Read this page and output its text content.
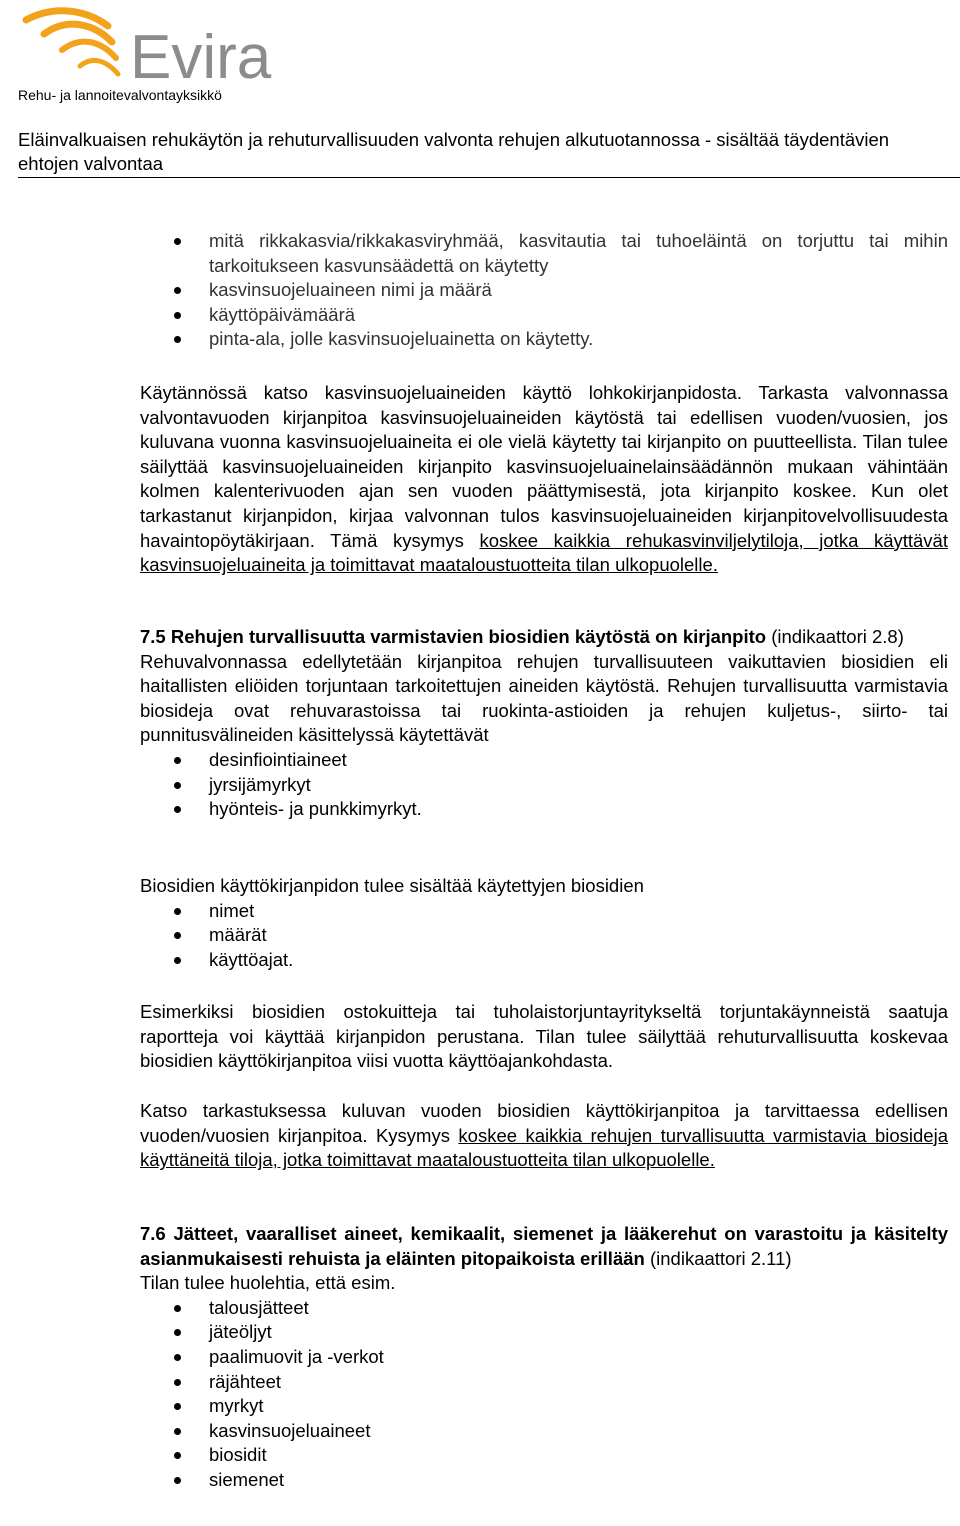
Evira
Rehu- ja lannoitevalvontayksikkö
Eläinvalkuaisen rehukäytön ja rehuturvallisuuden valvonta rehujen alkutuotannossa - sisältää täydentävien ehtojen valvontaa
mitä rikkakasvia/rikkakasviryhmää, kasvitautia tai tuhoeläintä on torjuttu tai mihin tarkoitukseen kasvunsäädettä on käytetty
kasvinsuojeluaineen nimi ja määrä
käyttöpäivämäärä
pinta-ala, jolle kasvinsuojeluainetta on käytetty.

Käytännössä katso kasvinsuojeluaineiden käyttö lohkokirjanpidosta. Tarkasta valvonnassa valvontavuoden kirjanpitoa kasvinsuojeluaineiden käytöstä tai edellisen vuoden/vuosien, jos kuluvana vuonna kasvinsuojeluaineita ei ole vielä käytetty tai kirjanpito on puutteellista. Tilan tulee säilyttää kasvinsuojeluaineiden kirjanpito kasvinsuojeluainelainsäädännön mukaan vähintään kolmen kalenterivuoden ajan sen vuoden päättymisestä, jota kirjanpito koskee. Kun olet tarkastanut kirjanpidon, kirjaa valvonnan tulos kasvinsuojeluaineiden kirjanpitovelvollisuudesta havaintopöytäkirjaan. Tämä kysymys koskee kaikkia rehukasvinviljelytiloja, jotka käyttävät kasvinsuojeluaineita ja toimittavat maataloustuotteita tilan ulkopuolelle.

7.5 Rehujen turvallisuutta varmistavien biosidien käytöstä on kirjanpito (indikaattori 2.8)

Rehuvalvonnassa edellytetään kirjanpitoa rehujen turvallisuuteen vaikuttavien biosidien eli haitallisten eliöiden torjuntaan tarkoitettujen aineiden käytöstä. Rehujen turvallisuutta varmistavia biosideja ovat rehuvarastoissa tai ruokinta-astioiden ja rehujen kuljetus-, siirto- tai punnitusvälineiden käsittelyssä käytettävät

desinfiointiaineet
jyrsijämyrkyt
hyönteis- ja punkkimyrkyt.

Biosidien käyttökirjanpidon tulee sisältää käytettyjen biosidien

nimet
määrät
käyttöajat.

Esimerkiksi biosidien ostokuitteja tai tuholaistorjuntayritykseltä torjuntakäynneistä saatuja raportteja voi käyttää kirjanpidon perustana. Tilan tulee säilyttää rehuturvallisuutta koskevaa biosidien käyttökirjanpitoa viisi vuotta käyttöajankohdasta.

Katso tarkastuksessa kuluvan vuoden biosidien käyttökirjanpitoa ja tarvittaessa edellisen vuoden/vuosien kirjanpitoa. Kysymys koskee kaikkia rehujen turvallisuutta varmistavia biosideja käyttäneitä tiloja, jotka toimittavat maataloustuotteita tilan ulkopuolelle.

7.6 Jätteet, vaaralliset aineet, kemikaalit, siemenet ja lääkerehut on varastoitu ja käsitelty asianmukaisesti rehuista ja eläinten pitopaikoista erillään (indikaattori 2.11)

Tilan tulee huolehtia, että esim.

talousjätteet
jäteöljyt
paalimuovit ja -verkot
räjähteet
myrkyt
kasvinsuojeluaineet
biosidit
siemenet
